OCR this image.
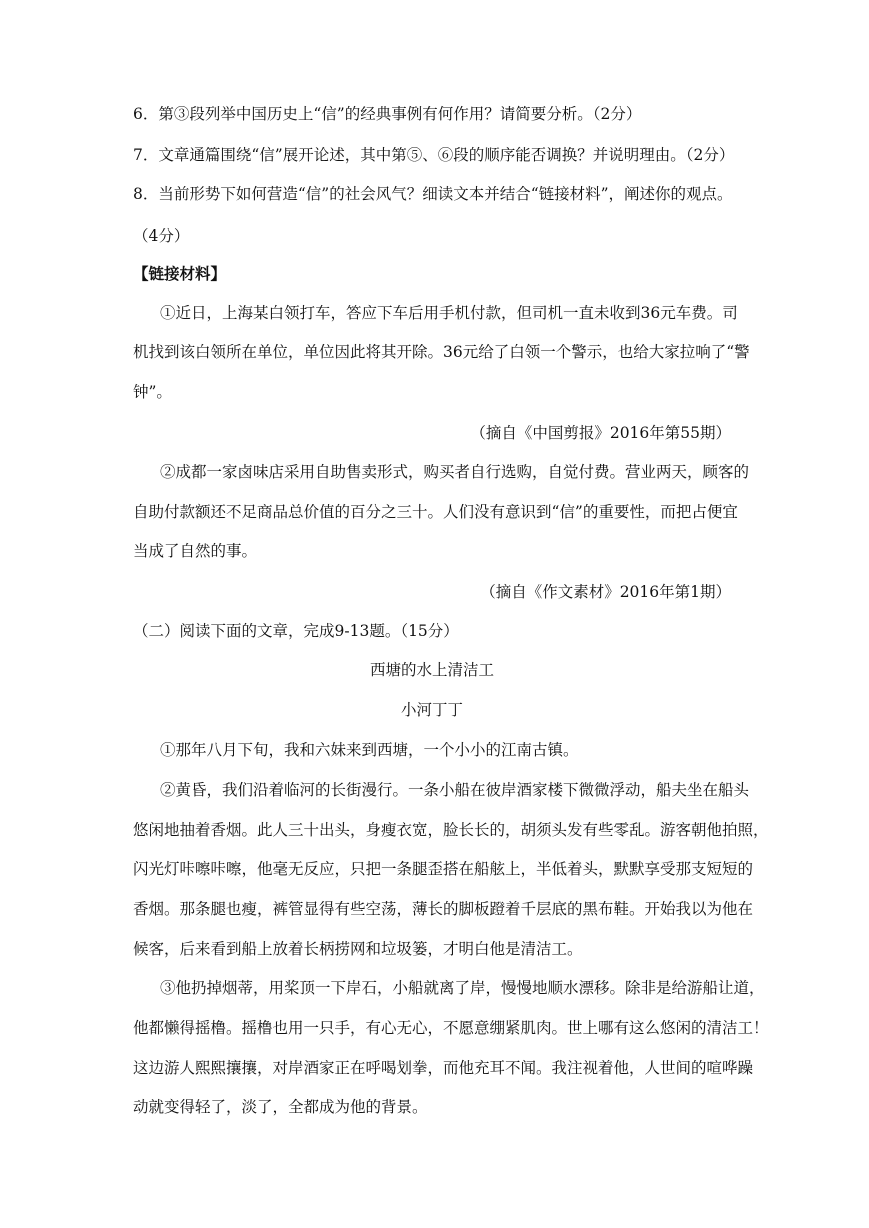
6．第③段列举中国历史上“信”的经典事例有何作用？请简要分析。（2分）
7．文章通篇围绕“信”展开论述，其中第⑤、⑥段的顺序能否调换？并说明理由。（2分）
8．当前形势下如何营造“信”的社会风气？细读文本并结合“链接材料”，阐述你的观点。
（4分）
【链接材料】
①近日，上海某白领打车，答应下车后用手机付款，但司机一直未收到36元车费。司
机找到该白领所在单位，单位因此将其开除。36元给了白领一个警示，也给大家拉响了“警
钟”。
（摘自《中国剪报》2016年第55期）
②成都一家卤味店采用自助售卖形式，购买者自行选购，自觉付费。营业两天，顾客的
自助付款额还不足商品总价值的百分之三十。人们没有意识到“信”的重要性，而把占便宜
当成了自然的事。
（摘自《作文素材》2016年第1期）
（二）阅读下面的文章，完成9-13题。（15分）
西塘的水上清洁工
小河丁丁
①那年八月下旬，我和六妹来到西塘，一个小小的江南古镇。
②黄昏，我们沿着临河的长街漫行。一条小船在彼岸酒家楼下微微浮动，船夫坐在船头
悠闲地抽着香烟。此人三十出头，身瘦衣宽，脸长长的，胡须头发有些零乱。游客朝他拍照，
闪光灯咔嚓咔嚓，他毫无反应，只把一条腿歪搭在船舷上，半低着头，默默享受那支短短的
香烟。那条腿也瘦，裤管显得有些空荡，薄长的脚板蹬着千层底的黑布鞋。开始我以为他在
候客，后来看到船上放着长柄捞网和垃圾篓，才明白他是清洁工。
③他扔掉烟蒂，用桨顶一下岸石，小船就离了岸，慢慢地顺水漂移。除非是给游船让道，
他都懒得摇橹。摇橹也用一只手，有心无心，不愿意绷紧肌肉。世上哪有这么悠闲的清洁工！
这边游人熙熙攘攘，对岸酒家正在呼喝划拳，而他充耳不闻。我注视着他，人世间的喧哗躁
动就变得轻了，淡了，全都成为他的背景。
